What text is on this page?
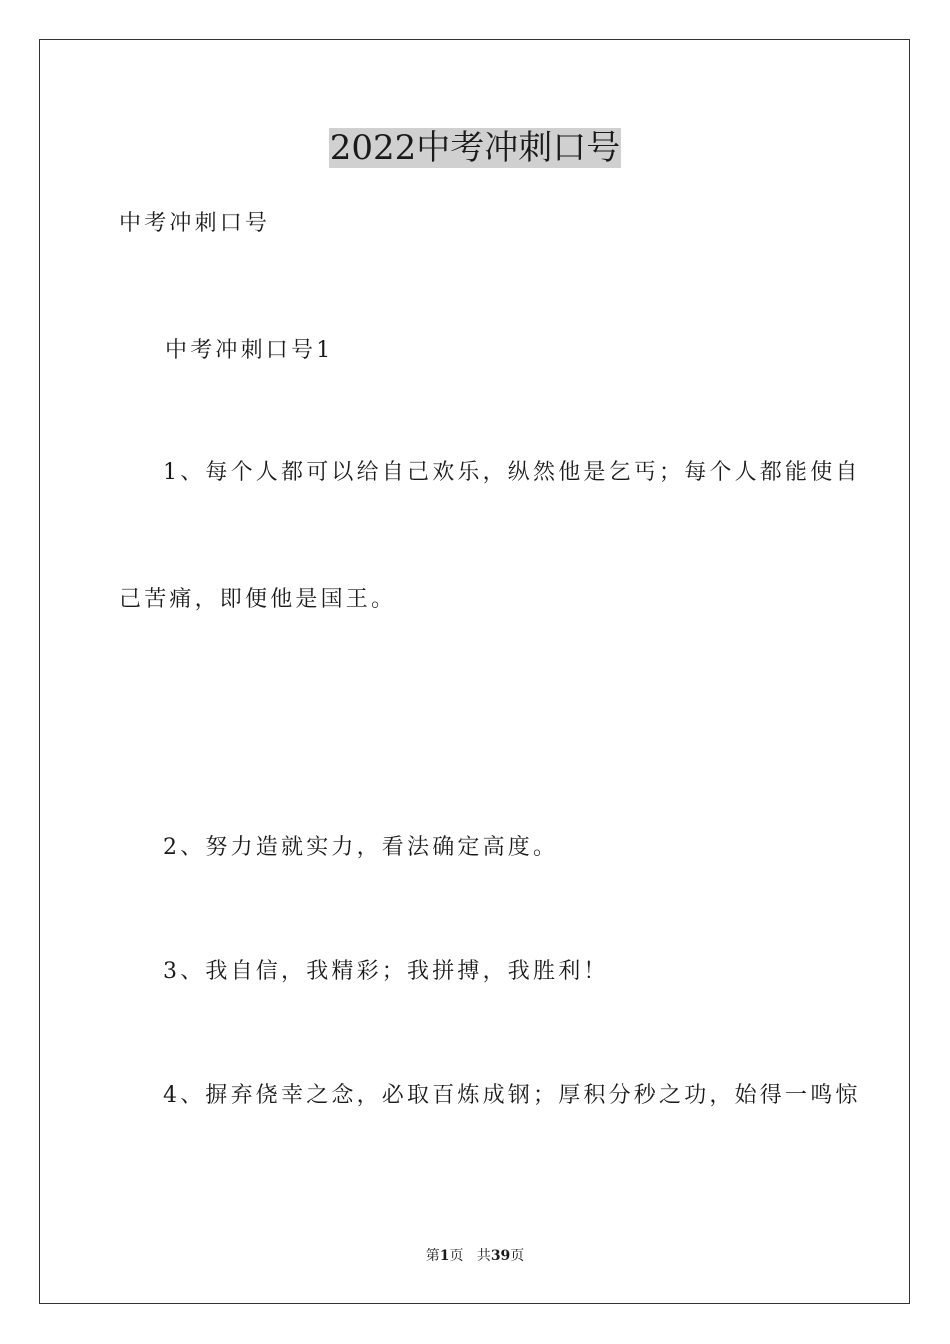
2022中考冲刺口号
中考冲刺口号
中考冲刺口号1
1、每个人都可以给自己欢乐，纵然他是乞丐；每个人都能使自
己苦痛，即便他是国王。
2、努力造就实力，看法确定高度。
3、我自信，我精彩；我拼搏，我胜利！
4、摒弃侥幸之念，必取百炼成钢；厚积分秒之功，始得一鸣惊
第1页 共39页
